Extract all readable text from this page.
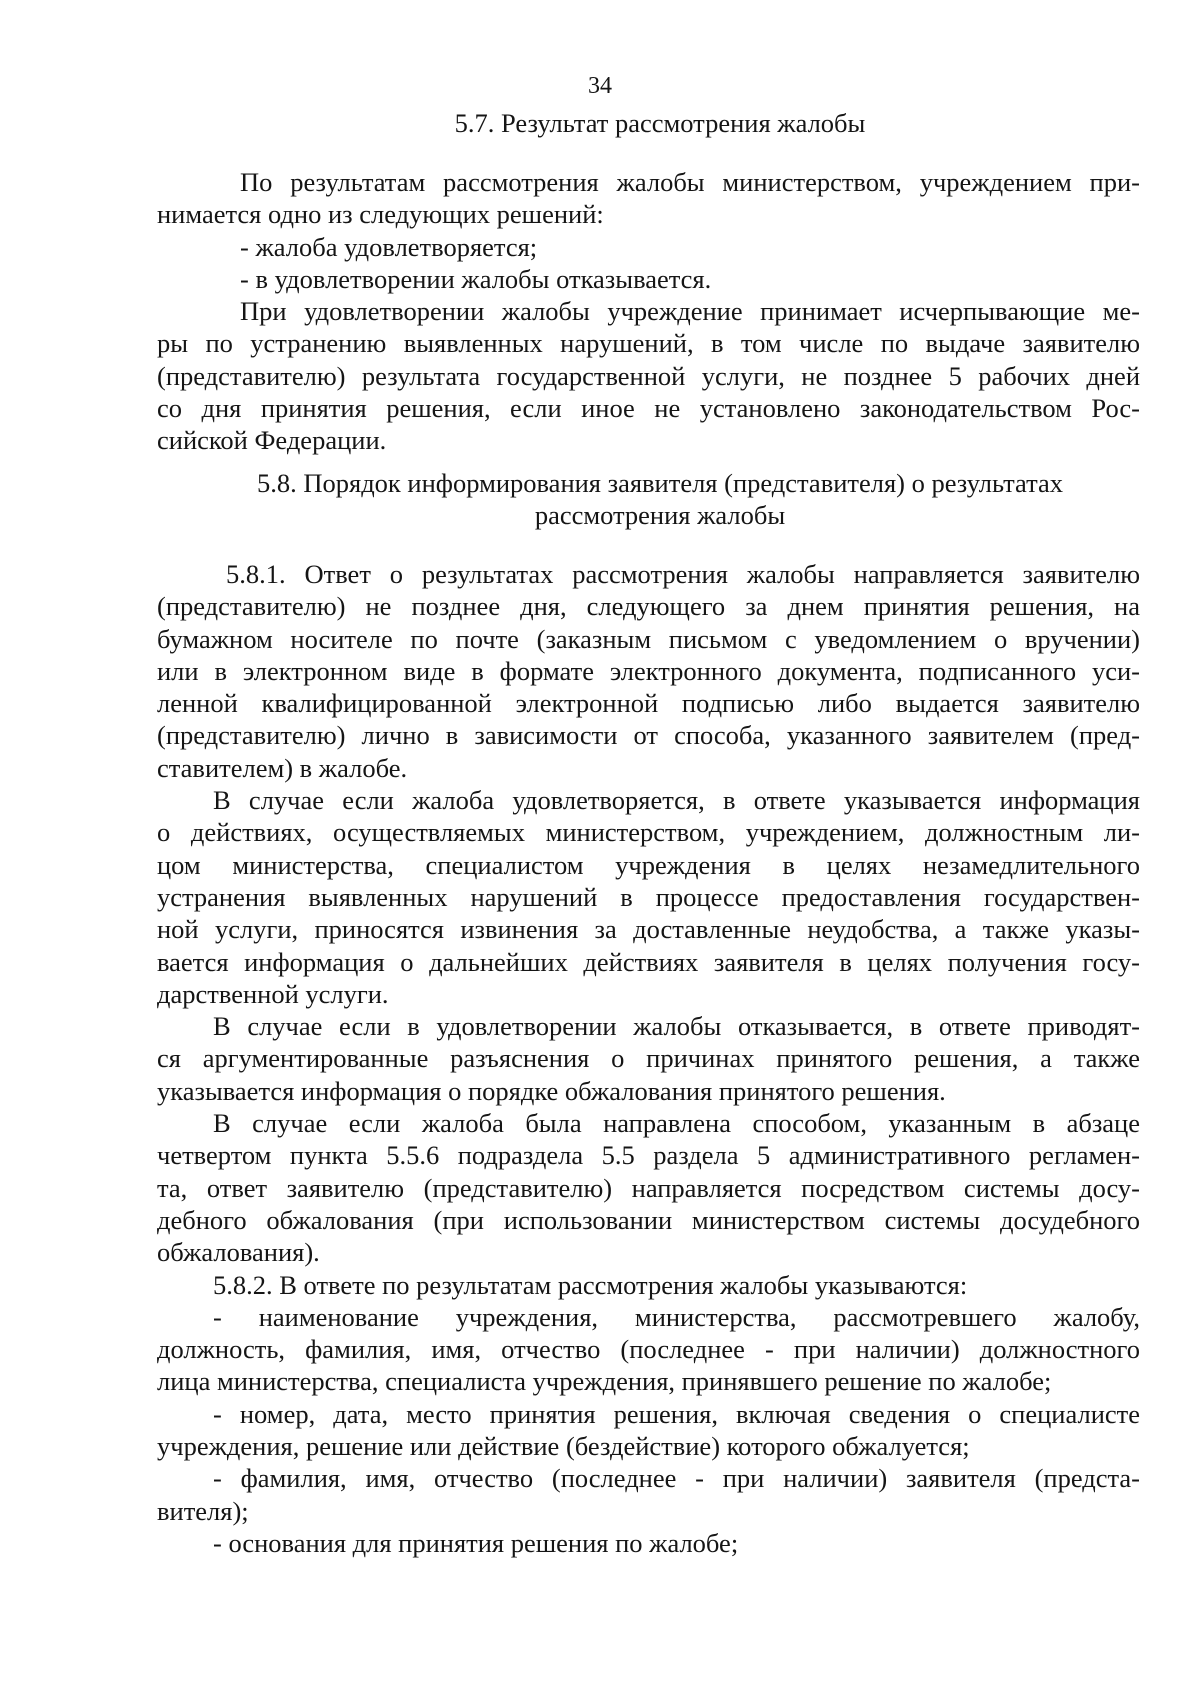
34
5.7. Результат рассмотрения жалобы
По результатам рассмотрения жалобы министерством, учреждением при-
нимается одно из следующих решений:
- жалоба удовлетворяется;
- в удовлетворении жалобы отказывается.
При удовлетворении жалобы учреждение принимает исчерпывающие ме-
ры по устранению выявленных нарушений, в том числе по выдаче заявителю
(представителю) результата государственной услуги, не позднее 5 рабочих дней
со дня принятия решения, если иное не установлено законодательством Рос-
сийской Федерации.
5.8. Порядок информирования заявителя (представителя) о результатах
рассмотрения жалобы
5.8.1. Ответ о результатах рассмотрения жалобы направляется заявителю
(представителю) не позднее дня, следующего за днем принятия решения, на
бумажном носителе по почте (заказным письмом с уведомлением о вручении)
или в электронном виде в формате электронного документа, подписанного уси-
ленной квалифицированной электронной подписью либо выдается заявителю
(представителю) лично в зависимости от способа, указанного заявителем (пред-
ставителем) в жалобе.
В случае если жалоба удовлетворяется, в ответе указывается информация
о действиях, осуществляемых министерством, учреждением, должностным ли-
цом министерства, специалистом учреждения в целях незамедлительного
устранения выявленных нарушений в процессе предоставления государствен-
ной услуги, приносятся извинения за доставленные неудобства, а также указы-
вается информация о дальнейших действиях заявителя в целях получения госу-
дарственной услуги.
В случае если в удовлетворении жалобы отказывается, в ответе приводят-
ся аргументированные разъяснения о причинах принятого решения, а также
указывается информация о порядке обжалования принятого решения.
В случае если жалоба была направлена способом, указанным в абзаце
четвертом пункта 5.5.6 подраздела 5.5 раздела 5 административного регламен-
та, ответ заявителю (представителю) направляется посредством системы досу-
дебного обжалования (при использовании министерством системы досудебного
обжалования).
5.8.2. В ответе по результатам рассмотрения жалобы указываются:
- наименование учреждения, министерства, рассмотревшего жалобу,
должность, фамилия, имя, отчество (последнее - при наличии) должностного
лица министерства, специалиста учреждения, принявшего решение по жалобе;
- номер, дата, место принятия решения, включая сведения о специалисте
учреждения, решение или действие (бездействие) которого обжалуется;
- фамилия, имя, отчество (последнее - при наличии) заявителя (предста-
вителя);
- основания для принятия решения по жалобе;
